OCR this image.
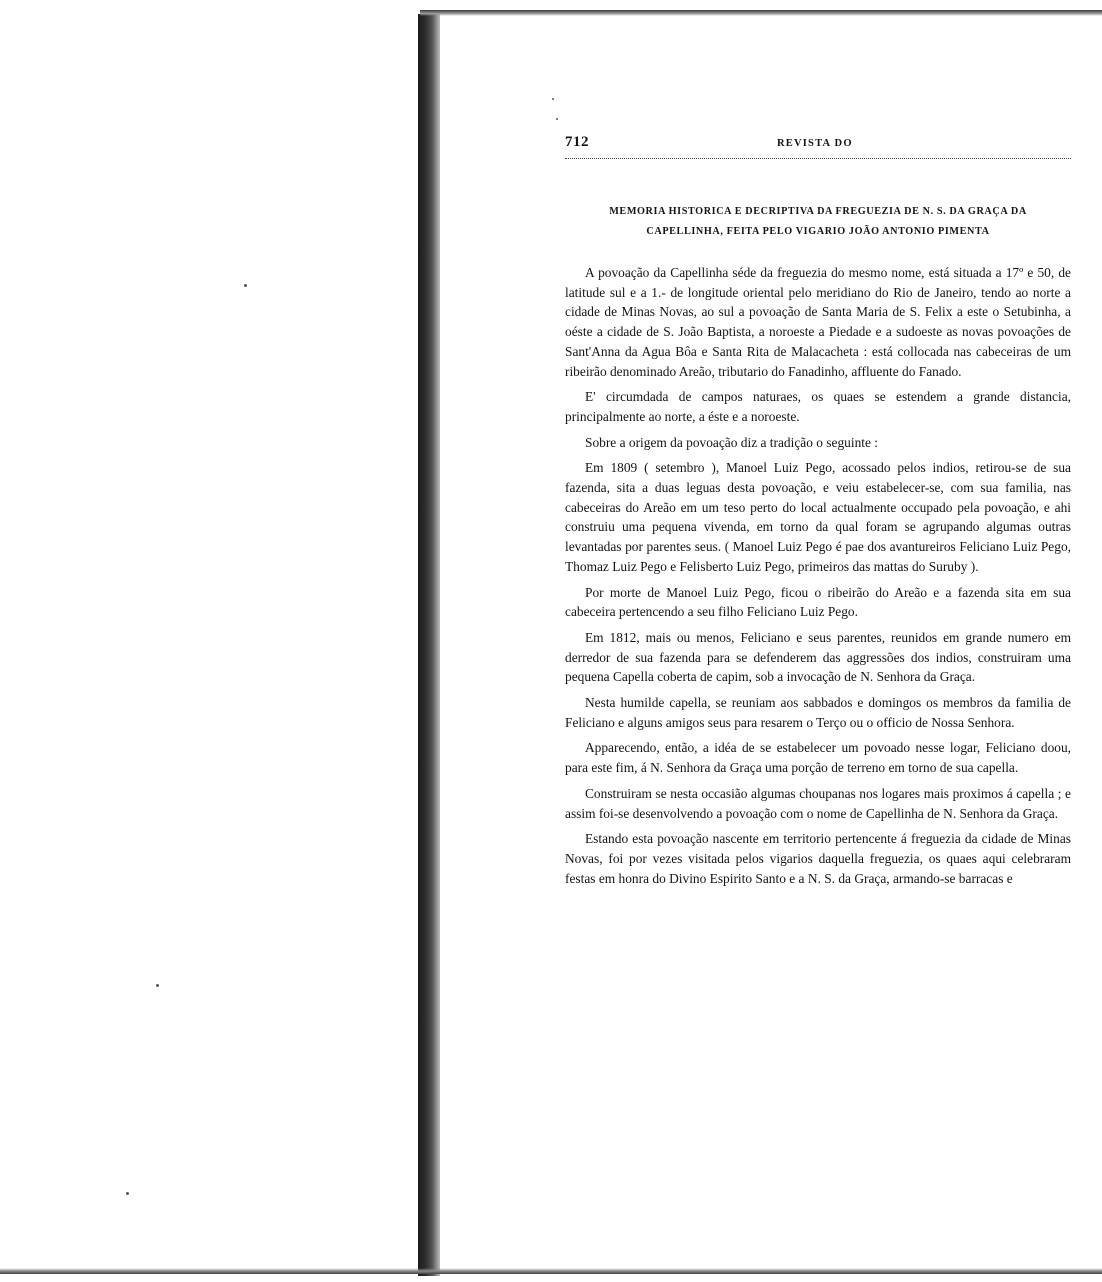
712	REVISTA DO
MEMORIA HISTORICA E DECRIPTIVA DA FREGUEZIA DE N. S. DA GRAÇA DA
CAPELLINHA, FEITA PELO VIGARIO JOÃO ANTONIO PIMENTA

A povoação da Capellinha séde da freguezia do mesmo nome, está situada a 17º e 50, de latitude sul e a 1.- de longitude oriental pelo meridiano do Rio de Janeiro, tendo ao norte a cidade de Minas Novas, ao sul a povoação de Santa Maria de S. Felix a este o Setubinha, a oéste a cidade de S. João Baptista, a noroeste a Piedade e a sudoeste as novas povoações de Sant'Anna da Agua Bôa e Santa Rita de Malacacheta : está collocada nas cabeceiras de um ribeirão denominado Areão, tributario do Fanadinho, affluente do Fanado.

E' circumdada de campos naturaes, os quaes se estendem a grande distancia, principalmente ao norte, a éste e a noroeste.

Sobre a origem da povoação diz a tradição o seguinte :

Em 1809 ( setembro ), Manoel Luiz Pego, acossado pelos indios, retirou-se de sua fazenda, sita a duas leguas desta povoação, e veiu estabelecer-se, com sua familia, nas cabeceiras do Areão em um teso perto do local actualmente occupado pela povoação, e ahi construiu uma pequena vivenda, em torno da qual foram se agrupando algumas outras levantadas por parentes seus. ( Manoel Luiz Pego é pae dos avantureiros Feliciano Luiz Pego, Thomaz Luiz Pego e Felisberto Luiz Pego, primeiros das mattas do Suruby ).

Por morte de Manoel Luiz Pego, ficou o ribeirão do Areão e a fazenda sita em sua cabeceira pertencendo a seu filho Feliciano Luiz Pego.

Em 1812, mais ou menos, Feliciano e seus parentes, reunidos em grande numero em derredor de sua fazenda para se defenderem das aggressões dos indios, construiram uma pequena Capella coberta de capim, sob a invocação de N. Senhora da Graça.

Nesta humilde capella, se reuniam aos sabbados e domingos os membros da familia de Feliciano e alguns amigos seus para resarem o Terço ou o officio de Nossa Senhora.

Apparecendo, então, a idéa de se estabelecer um povoado nesse logar, Feliciano doou, para este fim, á N. Senhora da Graça uma porção de terreno em torno de sua capella.

Construiram se nesta occasião algumas choupanas nos logares mais proximos á capella ; e assim foi-se desenvolvendo a povoação com o nome de Capellinha de N. Senhora da Graça.

Estando esta povoação nascente em territorio pertencente á freguezia da cidade de Minas Novas, foi por vezes visitada pelos vigarios daquella freguezia, os quaes aqui celebraram festas em honra do Divino Espirito Santo e a N. S. da Graça, armando-se barracas e
